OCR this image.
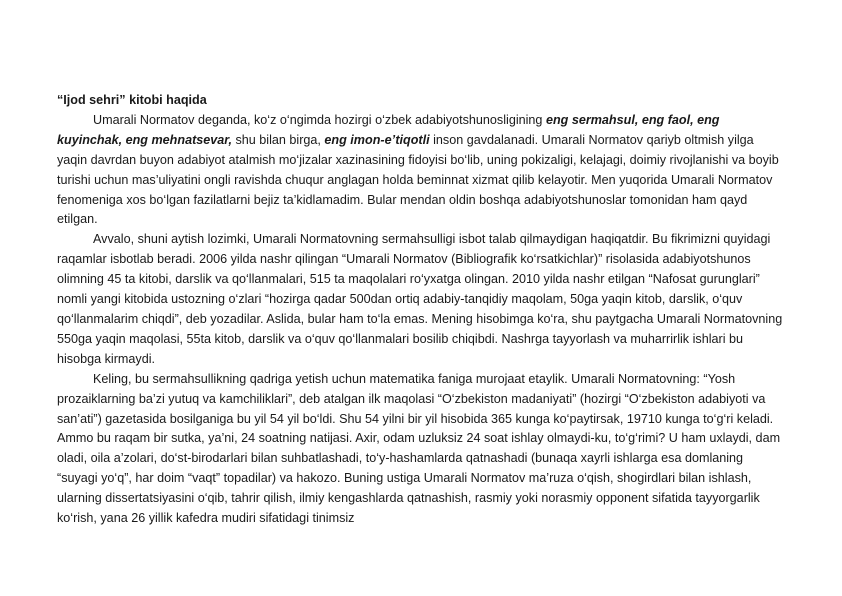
“Ijod sehri” kitobi haqida

Umarali Normatov deganda, ko‘z o‘ngimda hozirgi o‘zbek adabiyotshunosligining eng sermahsul, eng faol, eng kuyinchak, eng mehnatsevar, shu bilan birga, eng imon-e’tiqotli inson gavdalanadi. Umarali Normatov qariyb oltmish yilga yaqin davrdan buyon adabiyot atalmish mo‘jizalar xazinasining fidoyisi bo‘lib, uning pokizaligi, kelajagi, doimiy rivojlanishi va boyib turishi uchun mas’uliyatini ongli ravishda chuqur anglagan holda beminnat xizmat qilib kelayotir. Men yuqorida Umarali Normatov fenomeniga xos bo‘lgan fazilatlarni bejiz ta’kidlamadim. Bular mendan oldin boshqa adabiyotshunoslar tomonidan ham qayd etilgan.

Avvalo, shuni aytish lozimki, Umarali Normatovning sermahsulligi isbot talab qilmaydigan haqiqatdir. Bu fikrimizni quyidagi raqamlar isbotlab beradi. 2006 yilda nashr qilingan “Umarali Normatov (Bibliografik ko‘rsatkichlar)” risolasida adabiyotshunos olimning 45 ta kitobi, darslik va qo‘llanmalari, 515 ta maqolalari ro‘yxatga olingan. 2010 yilda nashr etilgan “Nafosat gurunglari” nomli yangi kitobida ustozning o‘zlari “hozirga qadar 500dan ortiq adabiy-tanqidiy maqolam, 50ga yaqin kitob, darslik, o‘quv qo‘llanmalarim chiqdi”, deb yozadilar. Aslida, bular ham to‘la emas. Mening hisobimga ko‘ra, shu paytgacha Umarali Normatovning 550ga yaqin maqolasi, 55ta kitob, darslik va o‘quv qo‘llanmalari bosilib chiqibdi. Nashrga tayyorlash va muharrirlik ishlari bu hisobga kirmaydi.

Keling, bu sermahsullikning qadriga yetish uchun matematika faniga murojaat etaylik. Umarali Normatovning: “Yosh prozaiklarning ba’zi yutuq va kamchiliklari”, deb atalgan ilk maqolasi “O‘zbekiston madaniyati” (hozirgi “O‘zbekiston adabiyoti va san’ati”) gazetasida bosilganiga bu yil 54 yil bo‘ldi. Shu 54 yilni bir yil hisobida 365 kunga ko‘paytirsak, 19710 kunga to‘g‘ri keladi. Ammo bu raqam bir sutka, ya’ni, 24 soatning natijasi. Axir, odam uzluksiz 24 soat ishlay olmaydi-ku, to‘g‘rimi? U ham uxlaydi, dam oladi, oila a’zolari, do‘st-birodarlari bilan suhbatlashadi, to‘y-hashamlarda qatnashadi (bunaqa xayrli ishlarga esa domlaning “suyagi yo‘q”, har doim “vaqt” topadilar) va hakozo. Buning ustiga Umarali Normatov ma’ruza o‘qish, shogirdlari bilan ishlash, ularning dissertatsiyasini o‘qib, tahrir qilish, ilmiy kengashlarda qatnashish, rasmiy yoki norasmiy opponent sifatida tayyorgarlik ko‘rish, yana 26 yillik kafedra mudiri sifatidagi tinimsiz
